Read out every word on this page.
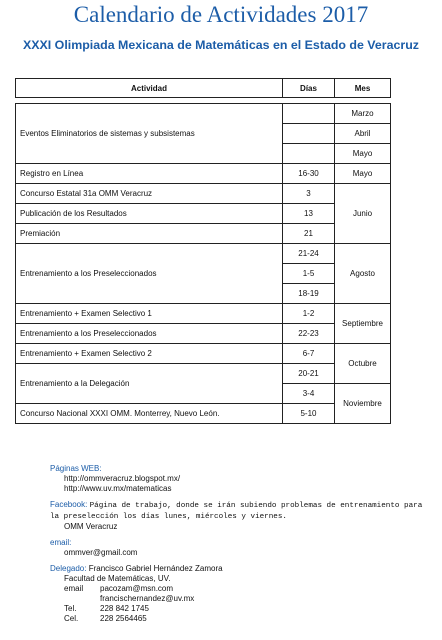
Calendario de Actividades 2017
XXXI Olimpiada Mexicana de Matemáticas en el Estado de Veracruz
Actividad	Días	Mes

Eventos Eliminatorios de sistemas y subsistemas		Marzo
		Abril
		Mayo
Registro en Línea	16-30	Mayo
Concurso Estatal 31a OMM Veracruz	3	Junio
Publicación de los Resultados	13	
Premiación	21	
Entrenamiento a los Preseleccionados	21-24	Agosto
	1-5	
	18-19	
Entrenamiento + Examen Selectivo 1	1-2	Septiembre
Entrenamiento a los Preseleccionados	22-23	
Entrenamiento + Examen Selectivo 2	6-7	Octubre
Entrenamiento a la Delegación	20-21	
	3-4	Noviembre
Concurso Nacional XXXI OMM. Monterrey, Nuevo León.	5-10	
Páginas WEB:
http://ommveracruz.blogspot.mx/
http://www.uv.mx/matematicas
Facebook: Página de trabajo, donde se irán subiendo problemas de entrenamiento para la preselección los días lunes, miércoles y viernes.
OMM Veracruz
email:
ommver@gmail.com
Delegado: Francisco Gabriel Hernández Zamora
Facultad de Matemáticas, UV.
email	pacozam@msn.com
francischernandez@uv.mx
Tel.	228 842 1745
Cel.	228 2564465
